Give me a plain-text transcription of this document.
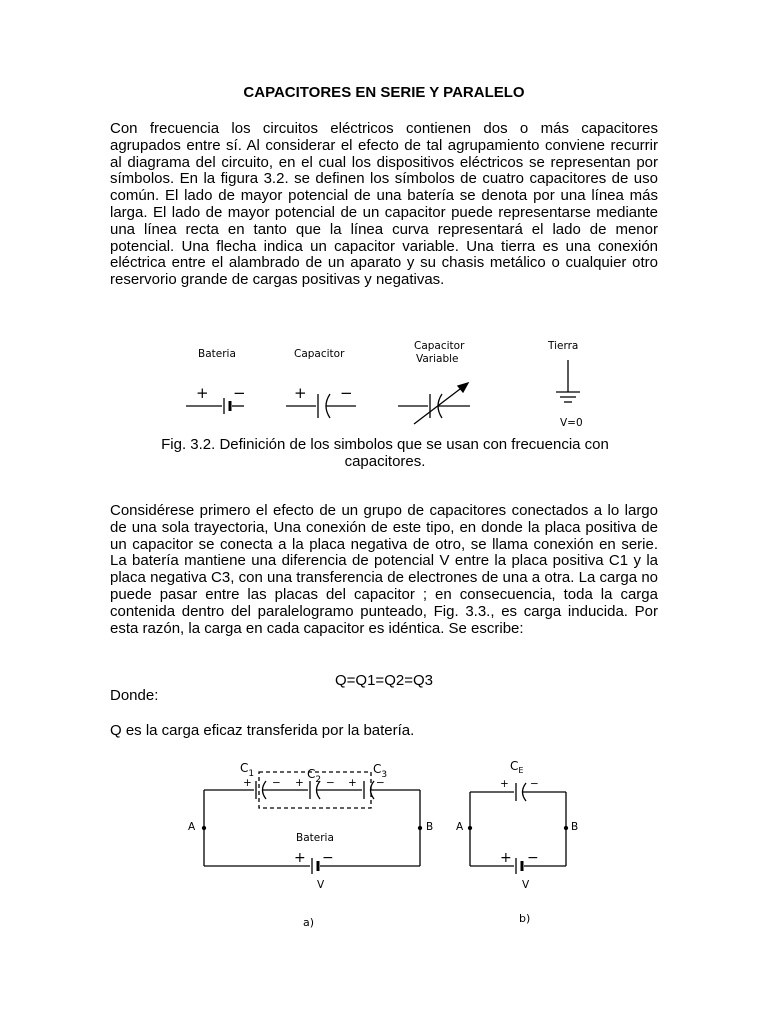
CAPACITORES EN SERIE Y PARALELO

Con frecuencia los circuitos eléctricos contienen dos o más capacitores agrupados entre sí. Al considerar el efecto de tal agrupamiento conviene recurrir al diagrama del circuito, en el cual los dispositivos eléctricos se representan por símbolos. En la figura 3.2. se definen los símbolos de cuatro capacitores de uso común. El lado de mayor potencial de una batería se denota por una línea más larga. El lado de mayor potencial de un capacitor puede representarse mediante una línea recta en tanto que la línea curva representará el lado de menor potencial. Una flecha indica un capacitor variable. Una tierra es una conexión eléctrica entre el alambrado de un aparato y su chasis metálico o cualquier otro reservorio grande de cargas positivas y negativas.

Bateria	Capacitor
Capacitor
Variable
Tierra
V=0
+ −	+ −
Fig. 3.2. Definición de los simbolos que se usan con frecuencia con capacitores.

Considérese primero el efecto de un grupo de capacitores conectados a lo largo de una sola trayectoria, Una conexión de este tipo, en donde la placa positiva de un capacitor se conecta a la placa negativa de otro, se llama conexión en serie. La batería mantiene una diferencia de potencial V entre la placa positiva C1 y la placa negativa C3, con una transferencia de electrones de una a otra. La carga no puede pasar entre las placas del capacitor ; en consecuencia, toda la carga contenida dentro del paralelogramo punteado, Fig. 3.3., es carga inducida. Por esta razón, la carga en cada capacitor es idéntica. Se escribe:

Q=Q1=Q2=Q3
Donde:
Q es la carga eficaz transferida por la batería.
$C_1$	$C_2$
$C_3$
+ − + − + −
A	B
Bateria
+ −
V
a)
$C_E$
+ −
A	B
+ −
V
b)
